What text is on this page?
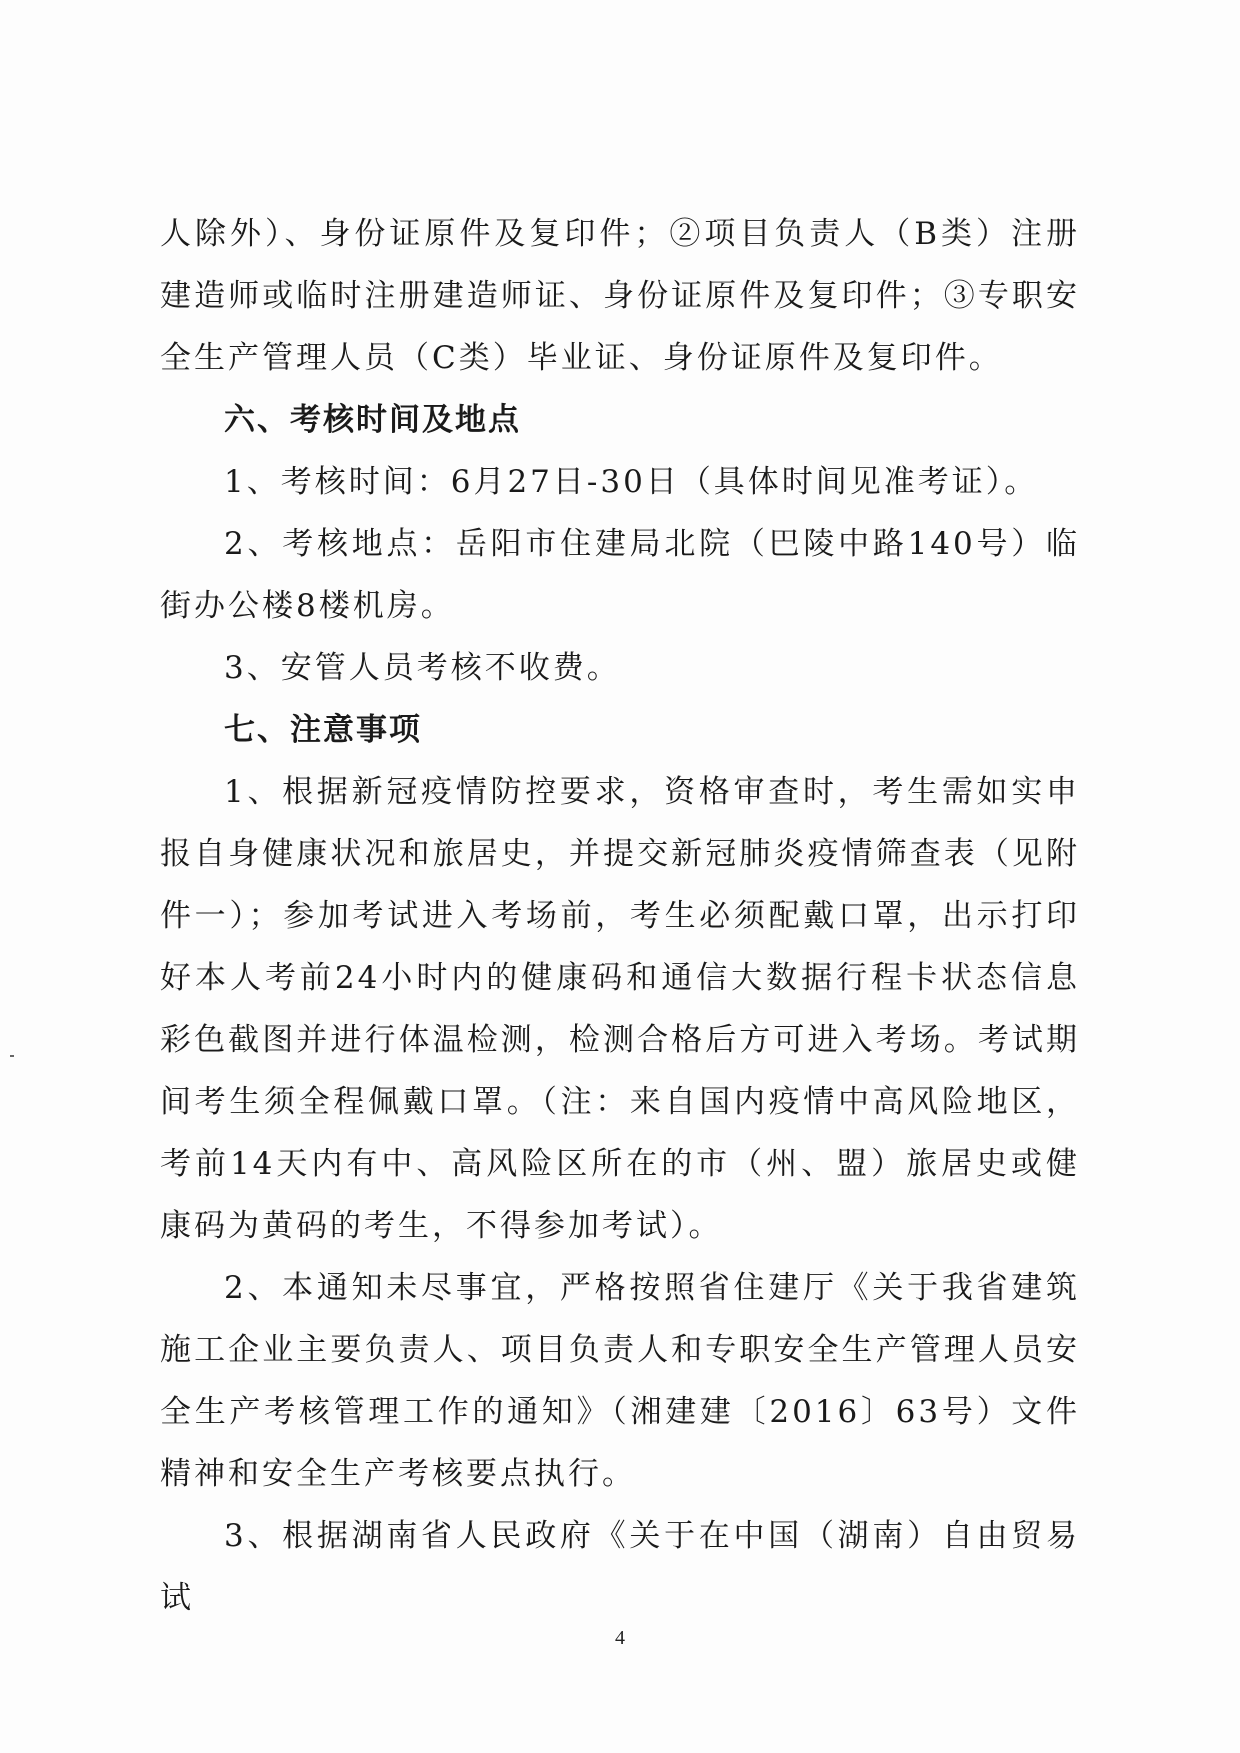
人除外）、身份证原件及复印件；②项目负责人（B类）注册建造师或临时注册建造师证、身份证原件及复印件；③专职安全生产管理人员（C类）毕业证、身份证原件及复印件。

六、考核时间及地点

1、考核时间：6月27日-30日（具体时间见准考证）。

2、考核地点：岳阳市住建局北院（巴陵中路140号）临街办公楼8楼机房。

3、安管人员考核不收费。

七、注意事项

1、根据新冠疫情防控要求，资格审查时，考生需如实申报自身健康状况和旅居史，并提交新冠肺炎疫情筛查表（见附件一）；参加考试进入考场前，考生必须配戴口罩，出示打印好本人考前24小时内的健康码和通信大数据行程卡状态信息彩色截图并进行体温检测，检测合格后方可进入考场。考试期间考生须全程佩戴口罩。（注：来自国内疫情中高风险地区，考前14天内有中、高风险区所在的市（州、盟）旅居史或健康码为黄码的考生，不得参加考试）。

2、本通知未尽事宜，严格按照省住建厅《关于我省建筑施工企业主要负责人、项目负责人和专职安全生产管理人员安全生产考核管理工作的通知》（湘建建〔2016〕63号）文件精神和安全生产考核要点执行。

3、根据湖南省人民政府《关于在中国（湖南）自由贸易试

4
